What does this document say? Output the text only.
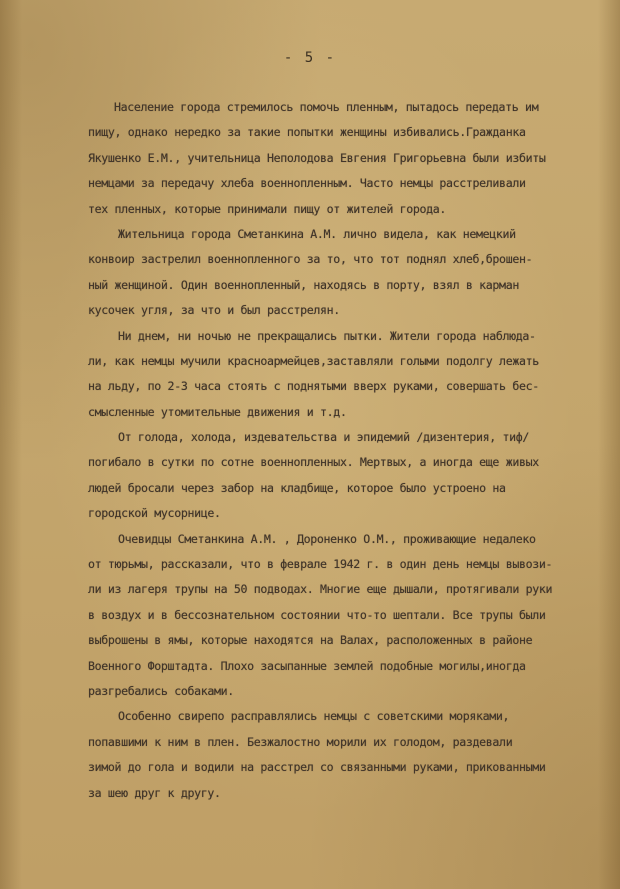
- 5 -
Население города стремилось помочь пленным, пытадось передать им
пищу, однако нередко за такие попытки женщины избивались.Гражданка
Якушенко Е.М., учительница Неполодова Евгения Григорьевна были избиты
немцами за передачу хлеба военнопленным. Часто немцы расстреливали
тех пленных, которые принимали пищу от жителей города.
Жительница города Сметанкина А.М. лично видела, как немецкий
конвоир застрелил военнопленного за то, что тот поднял хлеб,брошен-
ный женщиной. Один военнопленный, находясь в порту, взял в карман
кусочек угля, за что и был расстрелян.
Ни днем, ни ночью не прекращались пытки. Жители города наблюда-
ли, как немцы мучили красноармейцев,заставляли голыми подолгу лежать
на льду, по 2-3 часа стоять с поднятыми вверх руками, совершать бес-
смысленные утомительные движения и т.д.
От голода, холода, издевательства и эпидемий /дизентерия, тиф/
погибало в сутки по сотне военнопленных. Мертвых, а иногда еще живых
людей бросали через забор на кладбище, которое было устроено на
городской мусорнице.
Очевидцы Сметанкина А.М. , Дороненко О.М., проживающие недалеко
от тюрьмы, рассказали, что в феврале 1942 г. в один день немцы вывози-
ли из лагеря трупы на 50 подводах. Многие еще дышали, протягивали руки
в воздух и в бессознательном состоянии что-то шептали. Все трупы были
выброшены в ямы, которые находятся на Валах, расположенных в районе
Военного Форштадта. Плохо засыпанные землей подобные могилы,иногда
разгребались собаками.
Особенно свирепо расправлялись немцы с советскими моряками,
попавшими к ним в плен. Безжалостно морили их голодом, раздевали
зимой до гола и водили на расстрел со связанными руками, прикованными
за шею друг к другу.
